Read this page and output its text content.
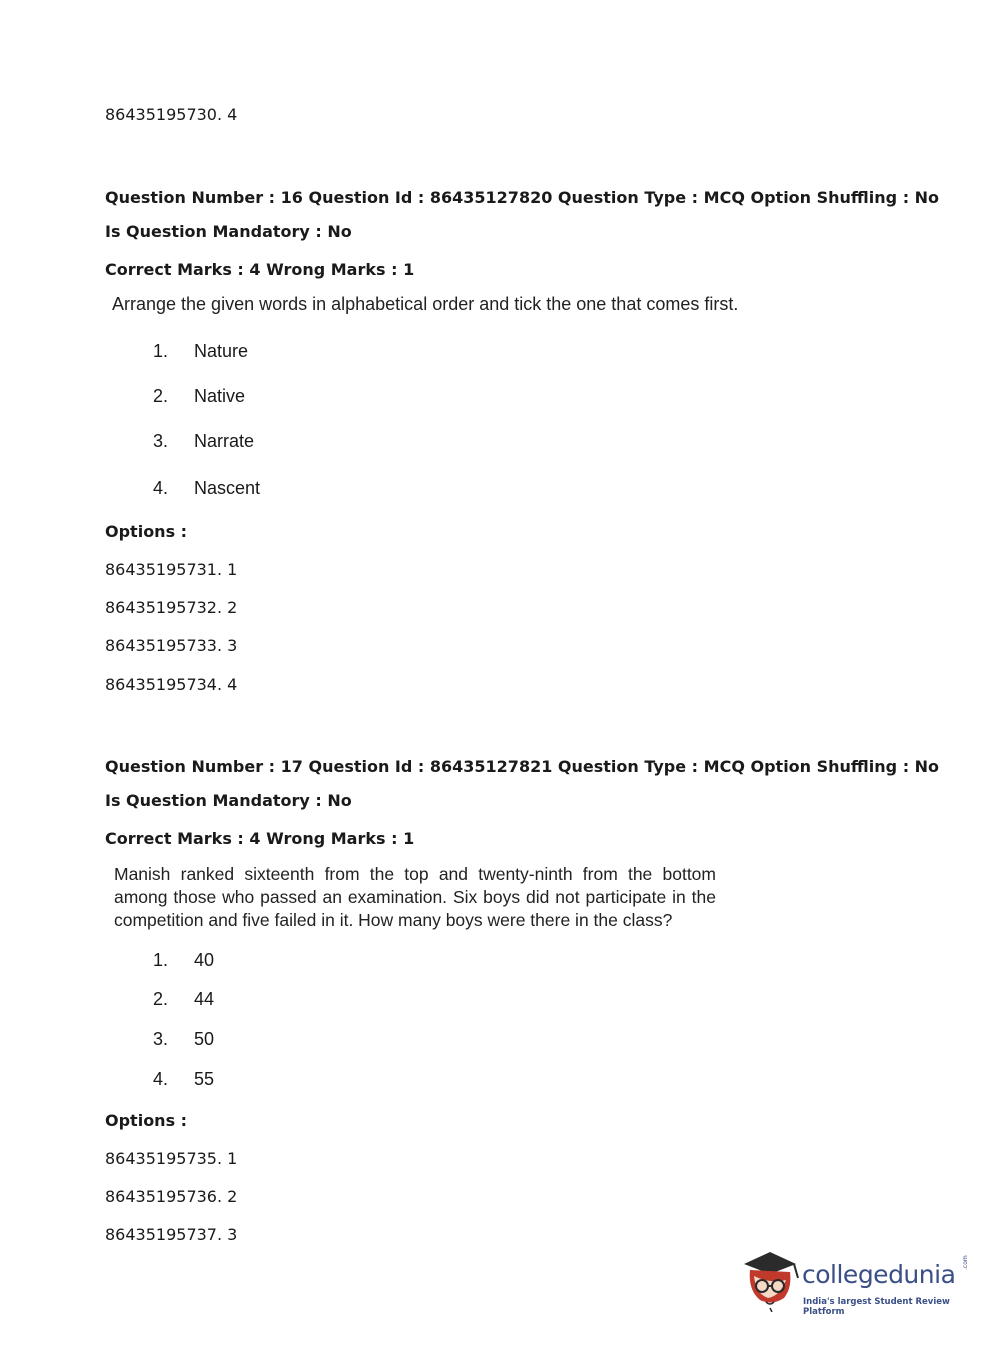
86435195730. 4
Question Number : 16 Question Id : 86435127820 Question Type : MCQ Option Shuffling : No
Is Question Mandatory : No
Correct Marks : 4 Wrong Marks : 1
Arrange the given words in alphabetical order and tick the one that comes first.
1. Nature
2. Native
3. Narrate
4. Nascent
Options :
86435195731. 1
86435195732. 2
86435195733. 3
86435195734. 4
Question Number : 17 Question Id : 86435127821 Question Type : MCQ Option Shuffling : No
Is Question Mandatory : No
Correct Marks : 4 Wrong Marks : 1
Manish ranked sixteenth from the top and twenty-ninth from the bottom among those who passed an examination. Six boys did not participate in the competition and five failed in it. How many boys were there in the class?
1. 40
2. 44
3. 50
4. 55
Options :
86435195735. 1
86435195736. 2
86435195737. 3
collegedunia .com
India's largest Student Review Platform
